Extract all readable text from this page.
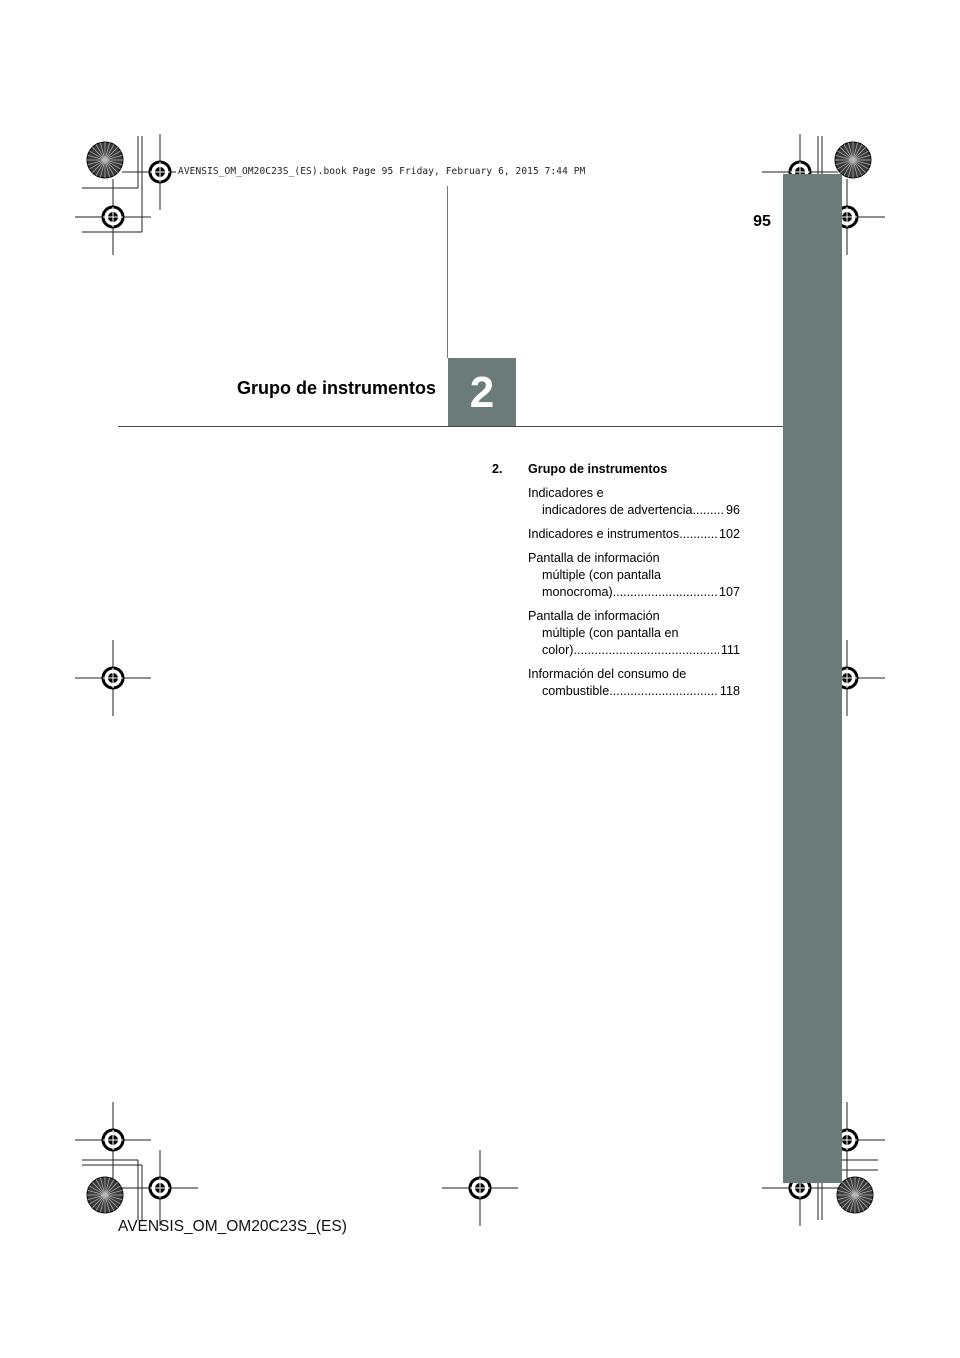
AVENSIS_OM_OM20C23S_(ES).book Page 95 Friday, February 6, 2015 7:44 PM
95
Grupo de instrumentos 2
2.	Grupo de instrumentos
Indicadores e
indicadores de advertencia .....	96
Indicadores e instrumentos .....	102
Pantalla de información
múltiple (con pantalla
monocroma) .....	107
Pantalla de información
múltiple (con pantalla en
color) .....	111
Información del consumo de
combustible .....	118
AVENSIS_OM_OM20C23S_(ES)
